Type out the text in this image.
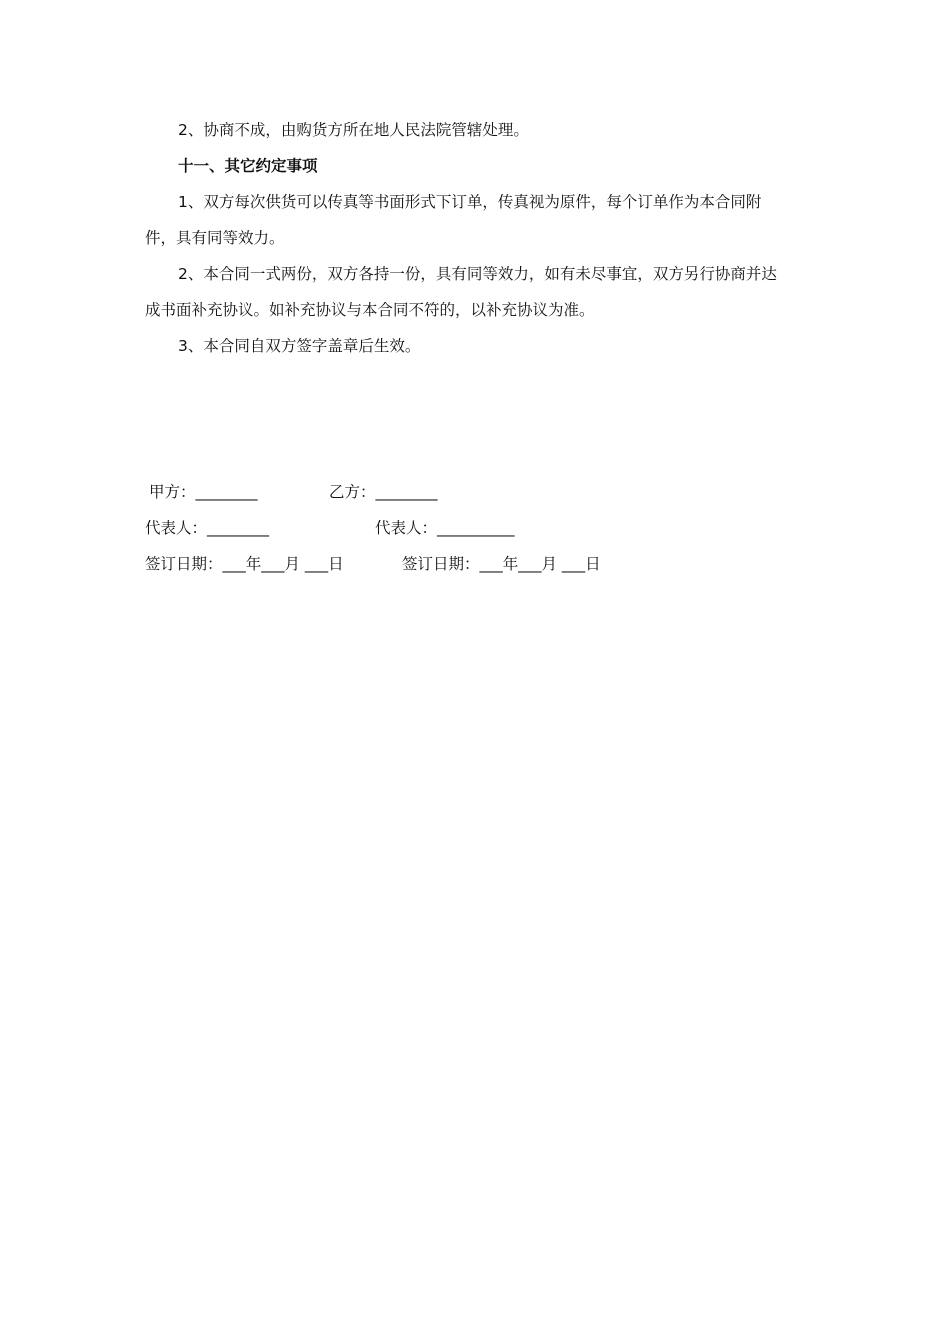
2、协商不成，由购货方所在地人民法院管辖处理。

十一、其它约定事项

1、双方每次供货可以传真等书面形式下订单，传真视为原件，每个订单作为本合同附件，具有同等效力。

2、本合同一式两份，双方各持一份，具有同等效力，如有未尽事宜，双方另行协商并达成书面补充协议。如补充协议与本合同不符的，以补充协议为准。

3、本合同自双方签字盖章后生效。

甲方：________	乙方：________
代表人：________	代表人：__________
签订日期：___年___月 ___日	签订日期：___年___月 ___日
